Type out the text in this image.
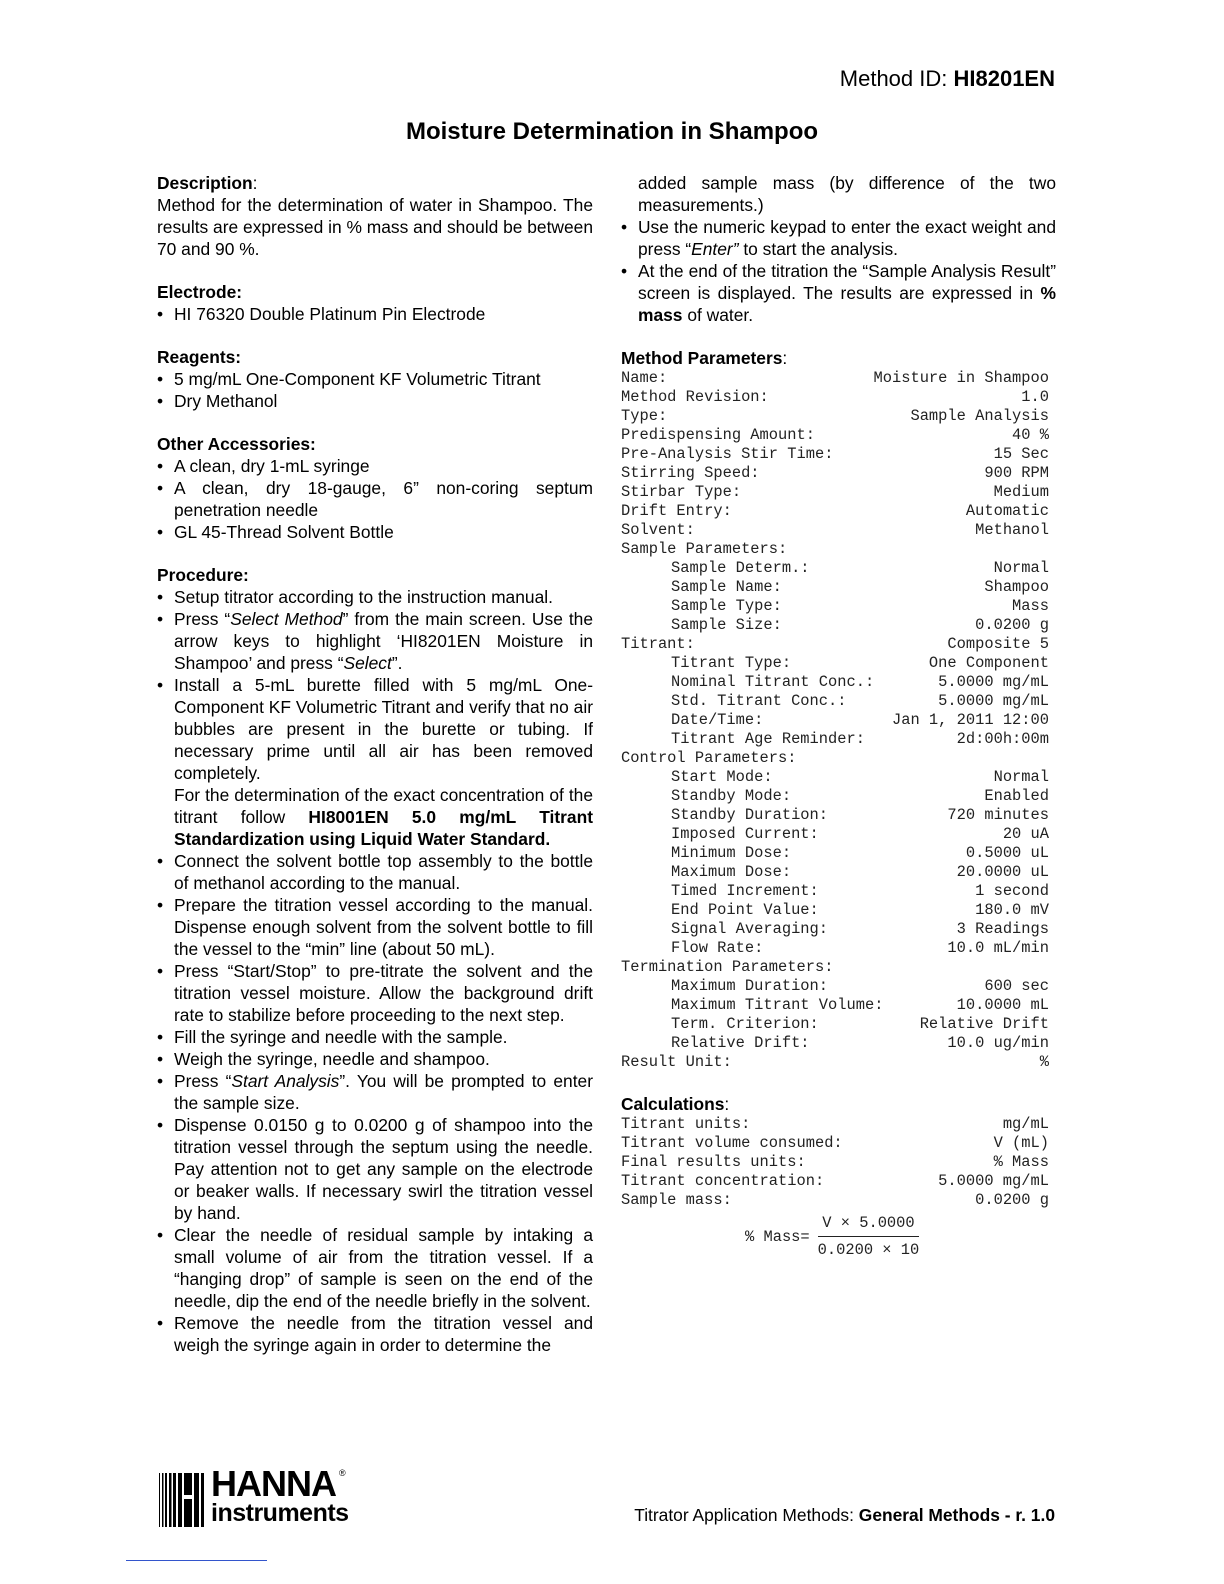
Method ID: HI8201EN
Moisture Determination in Shampoo

Description:

Method for the determination of water in Shampoo. The results are expressed in % mass and should be between 70 and 90 %.

Electrode:

• HI 76320 Double Platinum Pin Electrode

Reagents:

• 5 mg/mL One-Component KF Volumetric Titrant
• Dry Methanol

Other Accessories:

• A clean, dry 1-mL syringe
• A clean, dry 18-gauge, 6” non-coring septum penetration needle
• GL 45-Thread Solvent Bottle

Procedure:

• Setup titrator according to the instruction manual.
• Press “Select Method” from the main screen. Use the arrow keys to highlight ‘HI8201EN Moisture in Shampoo’ and press “Select”.
• Install a 5-mL burette filled with 5 mg/mL One-Component KF Volumetric Titrant and verify that no air bubbles are present in the burette or tubing. If necessary prime until all air has been removed completely.

For the determination of the exact concentration of the titrant follow HI8001EN 5.0 mg/mL Titrant Standardization using Liquid Water Standard.

• Connect the solvent bottle top assembly to the bottle of methanol according to the manual.
• Prepare the titration vessel according to the manual. Dispense enough solvent from the solvent bottle to fill the vessel to the “min” line (about 50 mL).
• Press “Start/Stop” to pre-titrate the solvent and the titration vessel moisture. Allow the background drift rate to stabilize before proceeding to the next step.
• Fill the syringe and needle with the sample.
• Weigh the syringe, needle and shampoo.
• Press “Start Analysis”. You will be prompted to enter the sample size.
• Dispense 0.0150 g to 0.0200 g of shampoo into the titration vessel through the septum using the needle. Pay attention not to get any sample on the electrode or beaker walls. If necessary swirl the titration vessel by hand.
• Clear the needle of residual sample by intaking a small volume of air from the titration vessel. If a “hanging drop” of sample is seen on the end of the needle, dip the end of the needle briefly in the solvent.
• Remove the needle from the titration vessel and weigh the syringe again in order to determine the

added sample mass (by difference of the two measurements.)

• Use the numeric keypad to enter the exact weight and press “Enter” to start the analysis.
• At the end of the titration the “Sample Analysis Result” screen is displayed. The results are expressed in % mass of water.

Method Parameters:

Name:	Moisture in Shampoo
Method Revision:	1.0
Type:	Sample Analysis
Predispensing Amount:	40 %
Pre-Analysis Stir Time:	15 Sec
Stirring Speed:	900 RPM
Stirbar Type:	Medium
Drift Entry:	Automatic
Solvent:	Methanol
Sample Parameters:
Sample Determ.:	Normal
Sample Name:	Shampoo
Sample Type:	Mass
Sample Size:	0.0200 g
Titrant:	Composite 5
Titrant Type:	One Component
Nominal Titrant Conc.:	5.0000 mg/mL
Std. Titrant Conc.:	5.0000 mg/mL
Date/Time:	Jan 1, 2011 12:00
Titrant Age Reminder:	2d:00h:00m
Control Parameters:
Start Mode:	Normal
Standby Mode:	Enabled
Standby Duration:	720 minutes
Imposed Current:	20 uA
Minimum Dose:	0.5000 uL
Maximum Dose:	20.0000 uL
Timed Increment:	1 second
End Point Value:	180.0 mV
Signal Averaging:	3 Readings
Flow Rate:	10.0 mL/min
Termination Parameters:
Maximum Duration:	600 sec
Maximum Titrant Volume:	10.0000 mL
Term. Criterion:	Relative Drift
Relative Drift:	10.0 ug/min
Result Unit:	%

Calculations:

Titrant units:	mg/mL
Titrant volume consumed:	V (mL)
Final results units:	% Mass
Titrant concentration:	5.0000 mg/mL
Sample mass:	0.0200 g
% Mass= $\frac{V \times 5.0000}{0.0200 \times 10}$
HANNA ®
instruments	Titrator Application Methods: General Methods - r. 1.0
